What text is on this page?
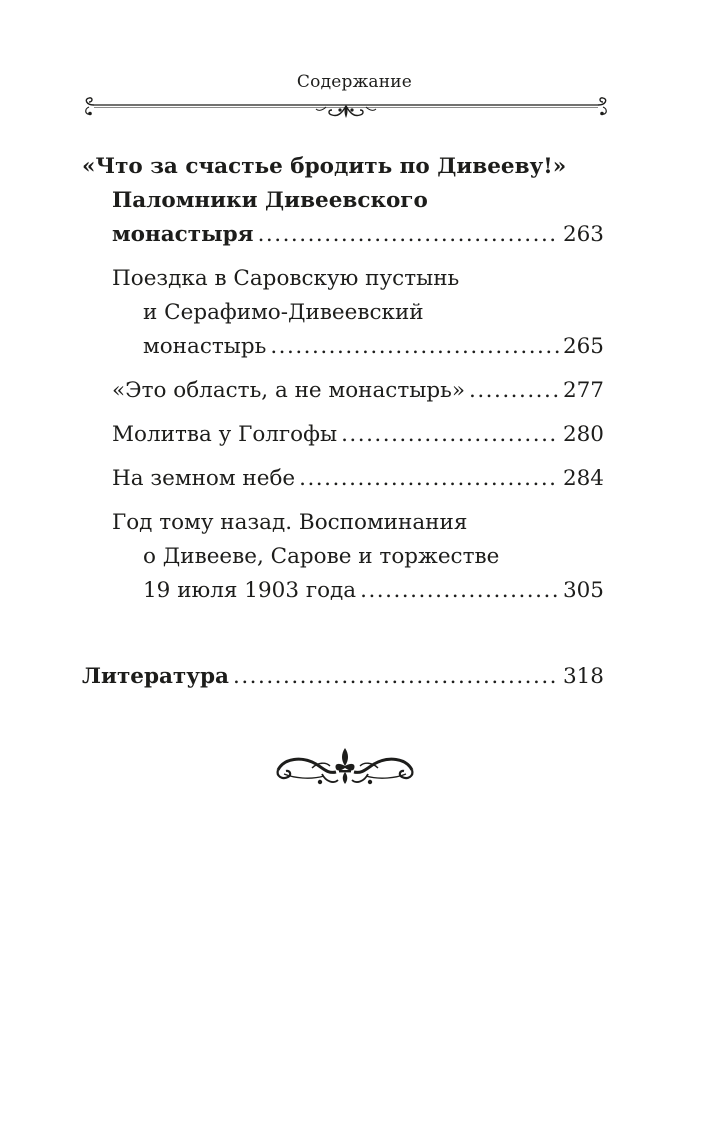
Содержание
«Что за счастье бродить по Дивееву!»
Паломники Дивеевского
монастыря .....	263
Поездка в Саровскую пустынь
и Серафимо-Дивеевский
монастырь .....	265
«Это область, а не монастырь» .....	277
Молитва у Голгофы .....	280
На земном небе .....	284
Год тому назад. Воспоминания
о Дивееве, Сарове и торжестве
19 июля 1903 года .....	305
Литература .....	318
